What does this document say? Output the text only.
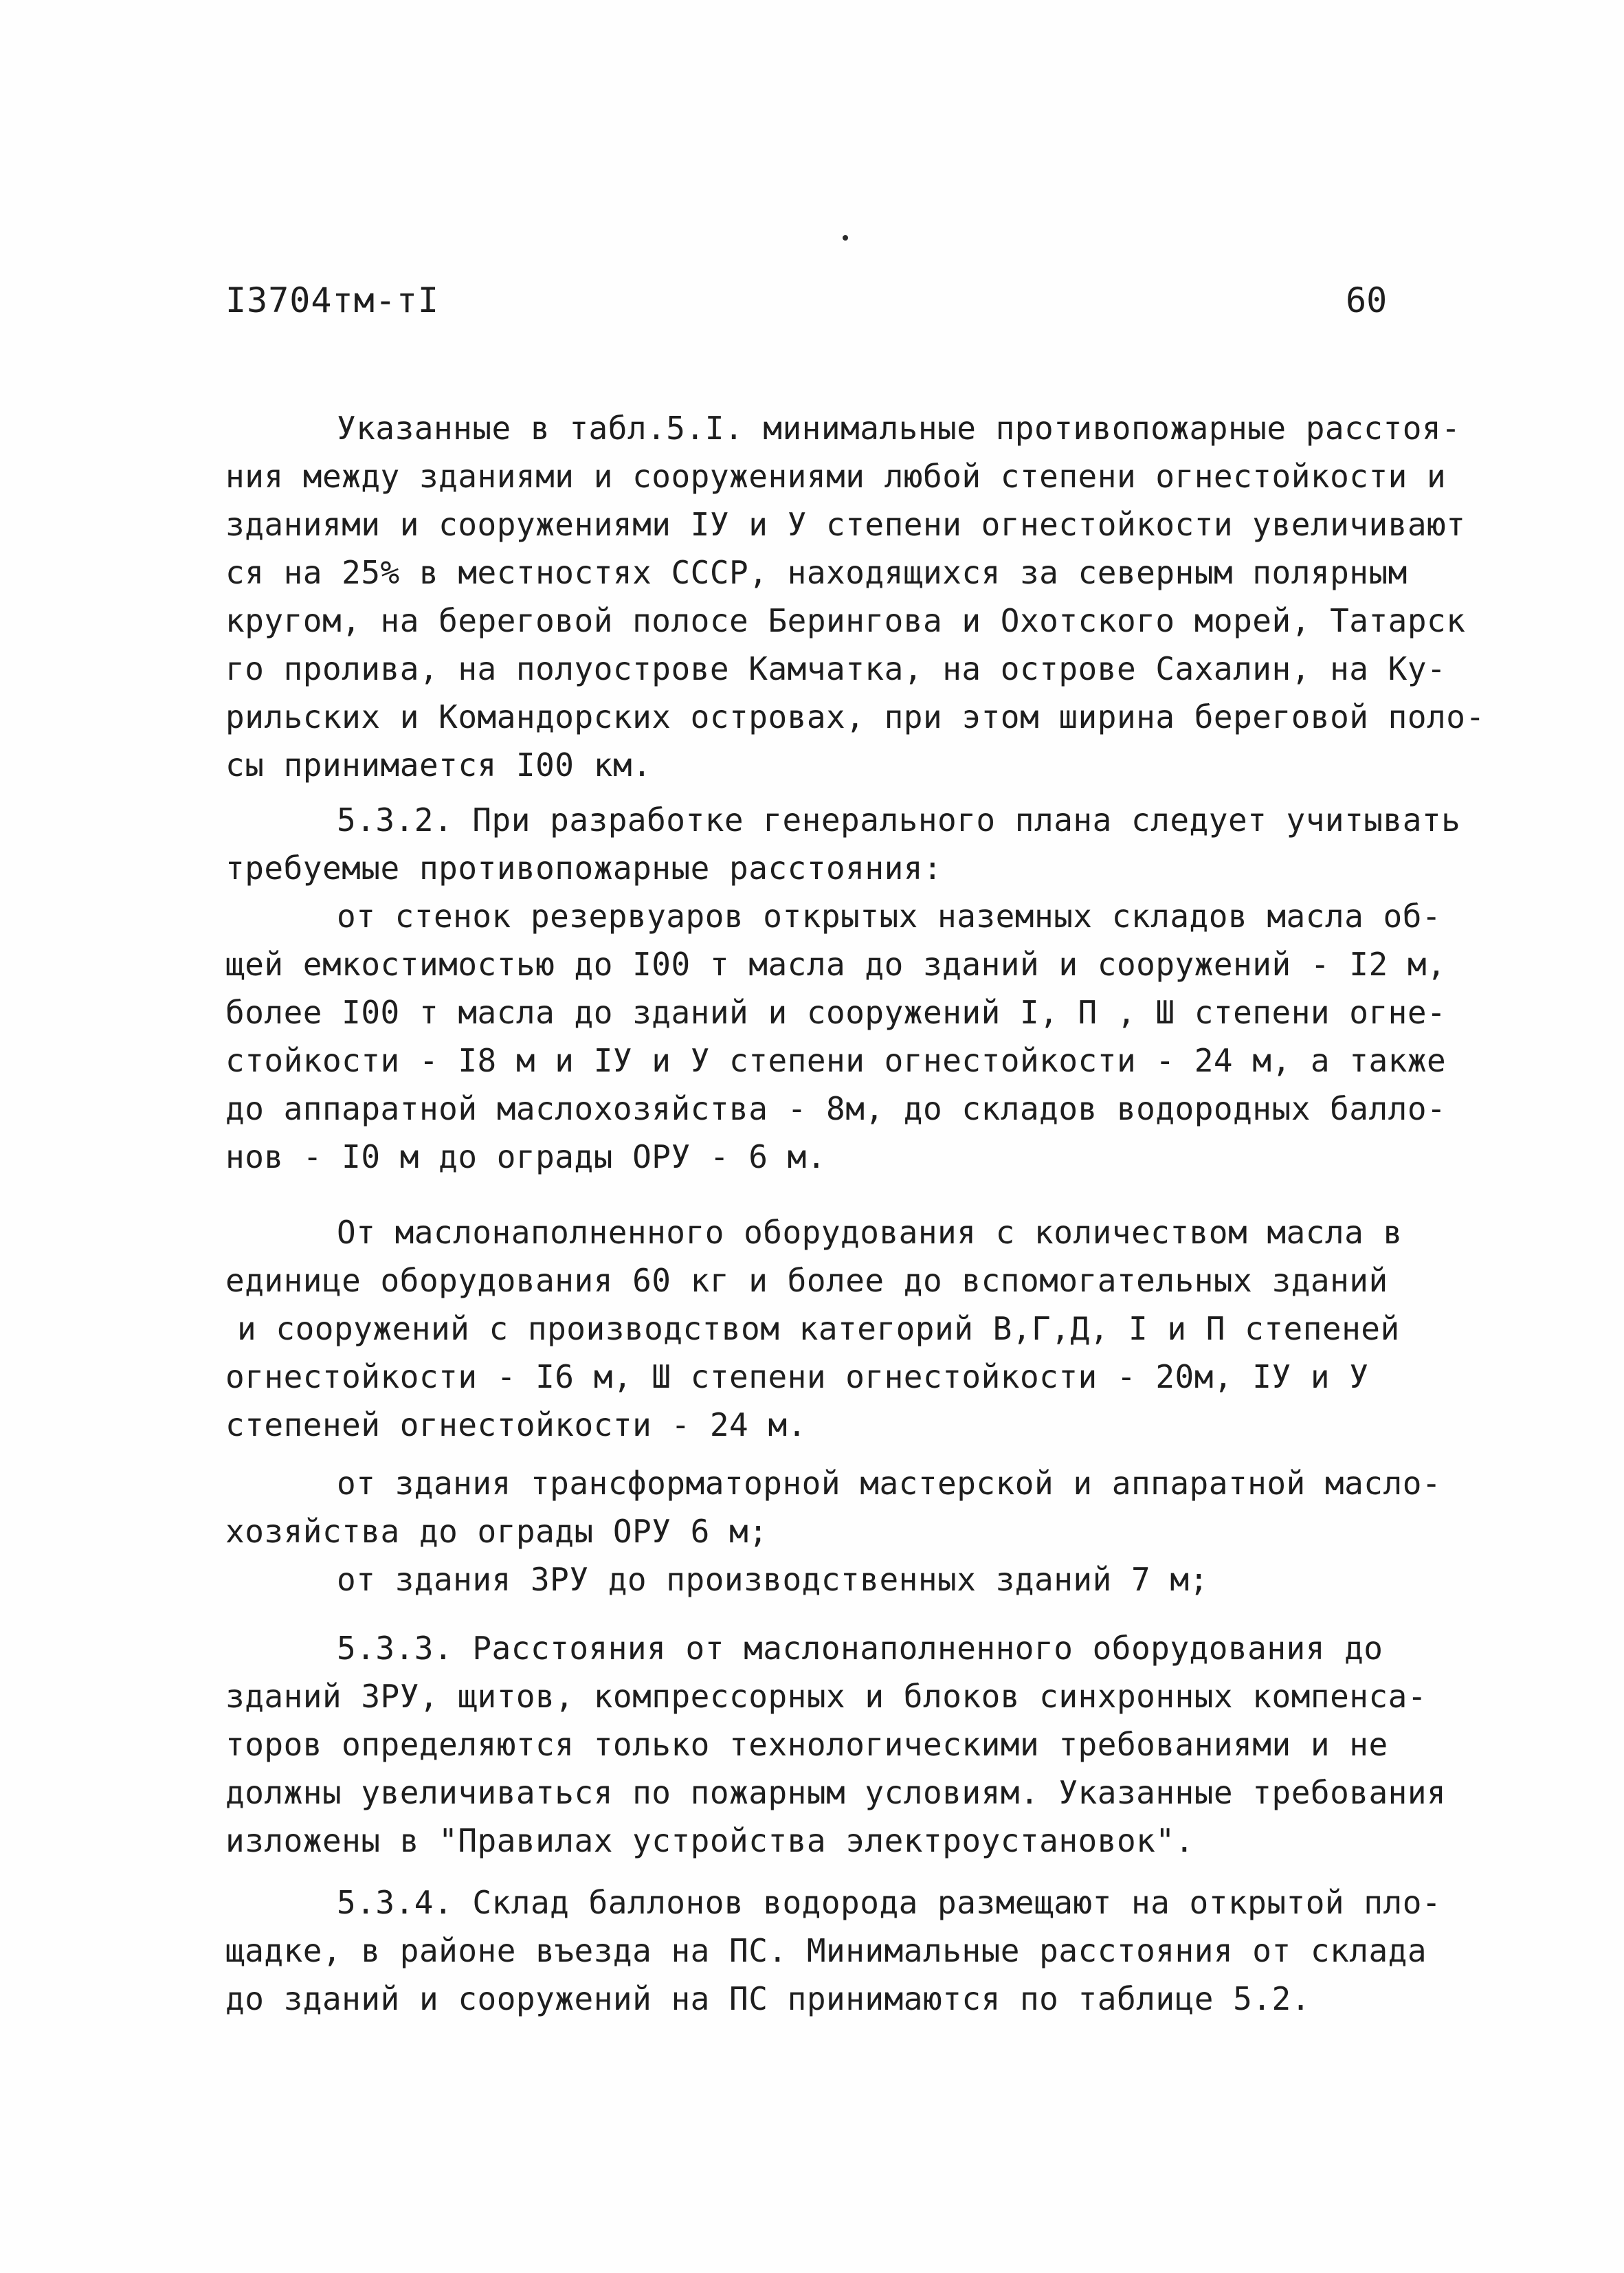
I3704тм-тI	60
Указанные в табл.5.I. минимальные противопожарные расстоя-
ния между зданиями и сооружениями любой степени огнестойкости и
зданиями и сооружениями IУ и У степени огнестойкости увеличивают
ся на 25% в местностях СССР, находящихся за северным полярным
кругом, на береговой полосе Берингова и Охотского морей, Татарск
го пролива, на полуострове Камчатка, на острове Сахалин, на Ку-
рильских и Командорских островах, при этом ширина береговой поло-
сы принимается I00 км.
5.3.2. При разработке генерального плана следует учитывать
требуемые противопожарные расстояния:
от стенок резервуаров открытых наземных складов масла об-
щей емкостимостью до I00 т масла до зданий и сооружений - I2 м,
более I00 т масла до зданий и сооружений I, П , Ш степени огне-
стойкости - I8 м и IУ и У степени огнестойкости - 24 м, а также
до аппаратной маслохозяйства - 8м, до складов водородных балло-
нов - I0 м до ограды ОРУ - 6 м.
От маслонаполненного оборудования с количеством масла в
единице оборудования 60 кг и более до вспомогательных зданий
и сооружений с производством категорий В,Г,Д, I и П степеней
огнестойкости - I6 м, Ш степени огнестойкости - 20м, IУ и У
степеней огнестойкости - 24 м.
от здания трансформаторной мастерской и аппаратной масло-
хозяйства до ограды ОРУ 6 м;
от здания ЗРУ до производственных зданий 7 м;
5.3.3. Расстояния от маслонаполненного оборудования до
зданий ЗРУ, щитов, компрессорных и блоков синхронных компенса-
торов определяются только технологическими требованиями и не
должны увеличиваться по пожарным условиям. Указанные требования
изложены в "Правилах устройства электроустановок".
5.3.4. Склад баллонов водорода размещают на открытой пло-
щадке, в районе въезда на ПС. Минимальные расстояния от склада
до зданий и сооружений на ПС принимаются по таблице 5.2.
